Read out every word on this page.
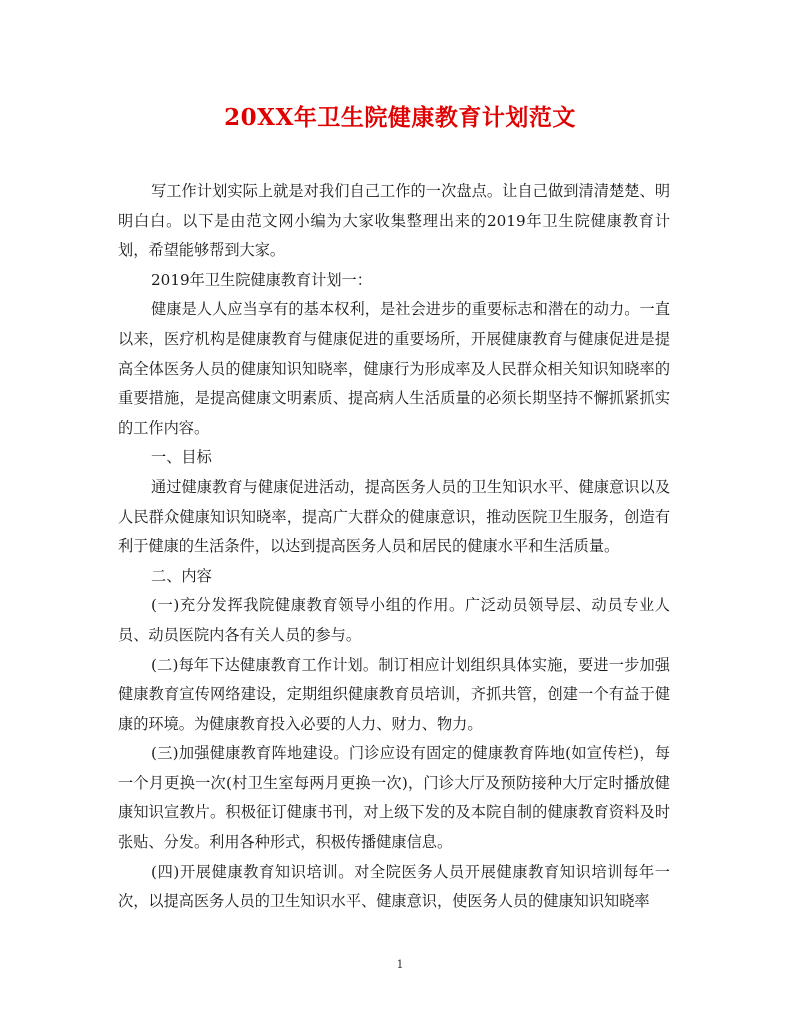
20XX年卫生院健康教育计划范文

写工作计划实际上就是对我们自己工作的一次盘点。让自己做到清清楚楚、明明白白。以下是由范文网小编为大家收集整理出来的2019年卫生院健康教育计划，希望能够帮到大家。

2019年卫生院健康教育计划一：

健康是人人应当享有的基本权利，是社会进步的重要标志和潜在的动力。一直以来，医疗机构是健康教育与健康促进的重要场所，开展健康教育与健康促进是提高全体医务人员的健康知识知晓率，健康行为形成率及人民群众相关知识知晓率的重要措施，是提高健康文明素质、提高病人生活质量的必须长期坚持不懈抓紧抓实的工作内容。

一、目标

通过健康教育与健康促进活动，提高医务人员的卫生知识水平、健康意识以及人民群众健康知识知晓率，提高广大群众的健康意识，推动医院卫生服务，创造有利于健康的生活条件，以达到提高医务人员和居民的健康水平和生活质量。

二、内容

(一)充分发挥我院健康教育领导小组的作用。广泛动员领导层、动员专业人员、动员医院内各有关人员的参与。

(二)每年下达健康教育工作计划。制订相应计划组织具体实施，要进一步加强健康教育宣传网络建设，定期组织健康教育员培训，齐抓共管，创建一个有益于健康的环境。为健康教育投入必要的人力、财力、物力。

(三)加强健康教育阵地建设。门诊应设有固定的健康教育阵地(如宣传栏)，每一个月更换一次(村卫生室每两月更换一次)，门诊大厅及预防接种大厅定时播放健康知识宣教片。积极征订健康书刊，对上级下发的及本院自制的健康教育资料及时张贴、分发。利用各种形式，积极传播健康信息。

(四)开展健康教育知识培训。对全院医务人员开展健康教育知识培训每年一次，以提高医务人员的卫生知识水平、健康意识，使医务人员的健康知识知晓率

1
